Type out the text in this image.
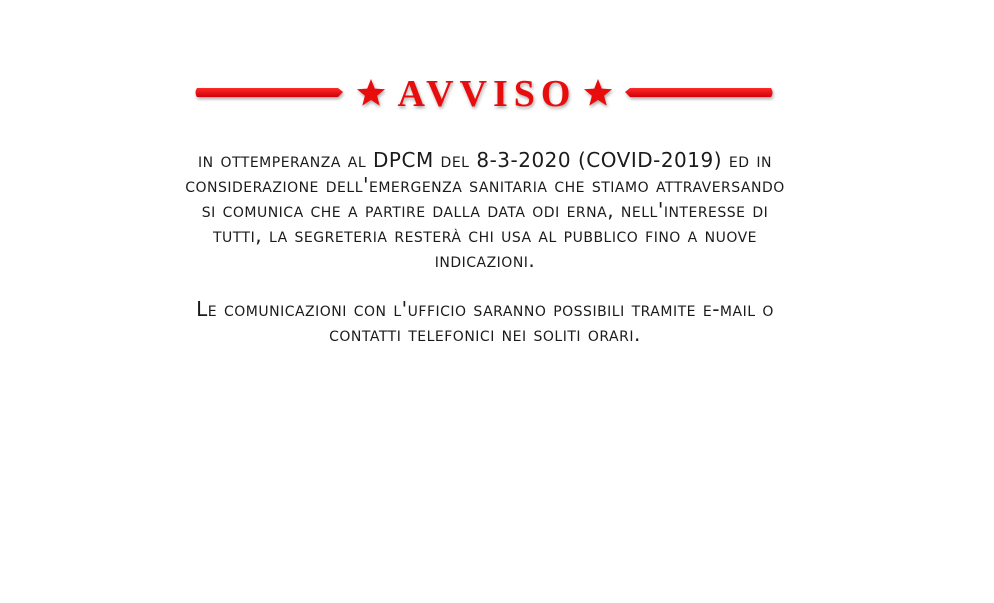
AVVISO
in ottemperanza al DPCM del 8-3-2020 (COVID-2019) ed in considerazione dell'emergenza sanitaria che stiamo attraversando si comunica che a partire dalla data odi erna, nell'interesse di tutti, la segreteria resterà chi usa al pubblico fino a nuove indicazioni.
Le comunicazioni con l'ufficio saranno possibili tramite e-mail o contatti telefonici nei soliti orari.
